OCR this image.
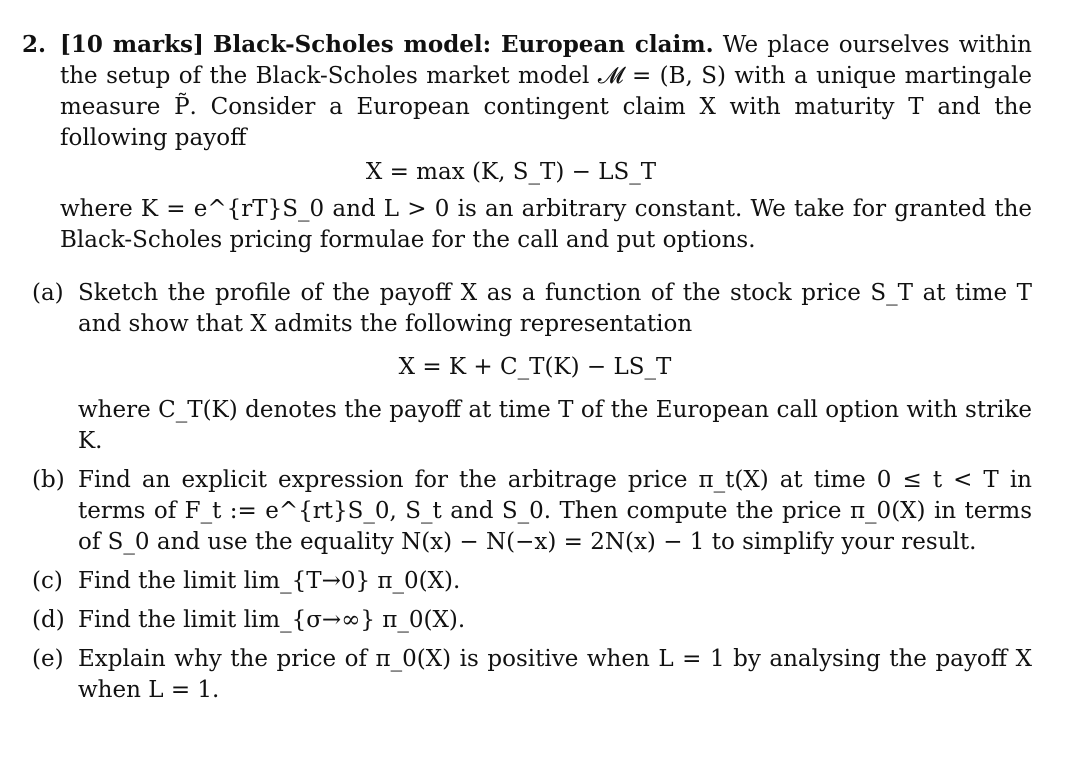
2. [10 marks] Black-Scholes model: European claim. We place ourselves within the setup of the Black-Scholes market model 𝓜 = (B, S) with a unique martingale measure P̃. Consider a European contingent claim X with maturity T and the following payoff
X = max (K, S_T) − LS_T
where K = e^{rT}S_0 and L > 0 is an arbitrary constant. We take for granted the Black-Scholes pricing formulae for the call and put options.
(a) Sketch the profile of the payoff X as a function of the stock price S_T at time T and show that X admits the following representation
X = K + C_T(K) − LS_T
where C_T(K) denotes the payoff at time T of the European call option with strike K.
(b) Find an explicit expression for the arbitrage price π_t(X) at time 0 ≤ t < T in terms of F_t := e^{rt}S_0, S_t and S_0. Then compute the price π_0(X) in terms of S_0 and use the equality N(x) − N(−x) = 2N(x) − 1 to simplify your result.
(c) Find the limit lim_{T→0} π_0(X).
(d) Find the limit lim_{σ→∞} π_0(X).
(e) Explain why the price of π_0(X) is positive when L = 1 by analysing the payoff X when L = 1.
